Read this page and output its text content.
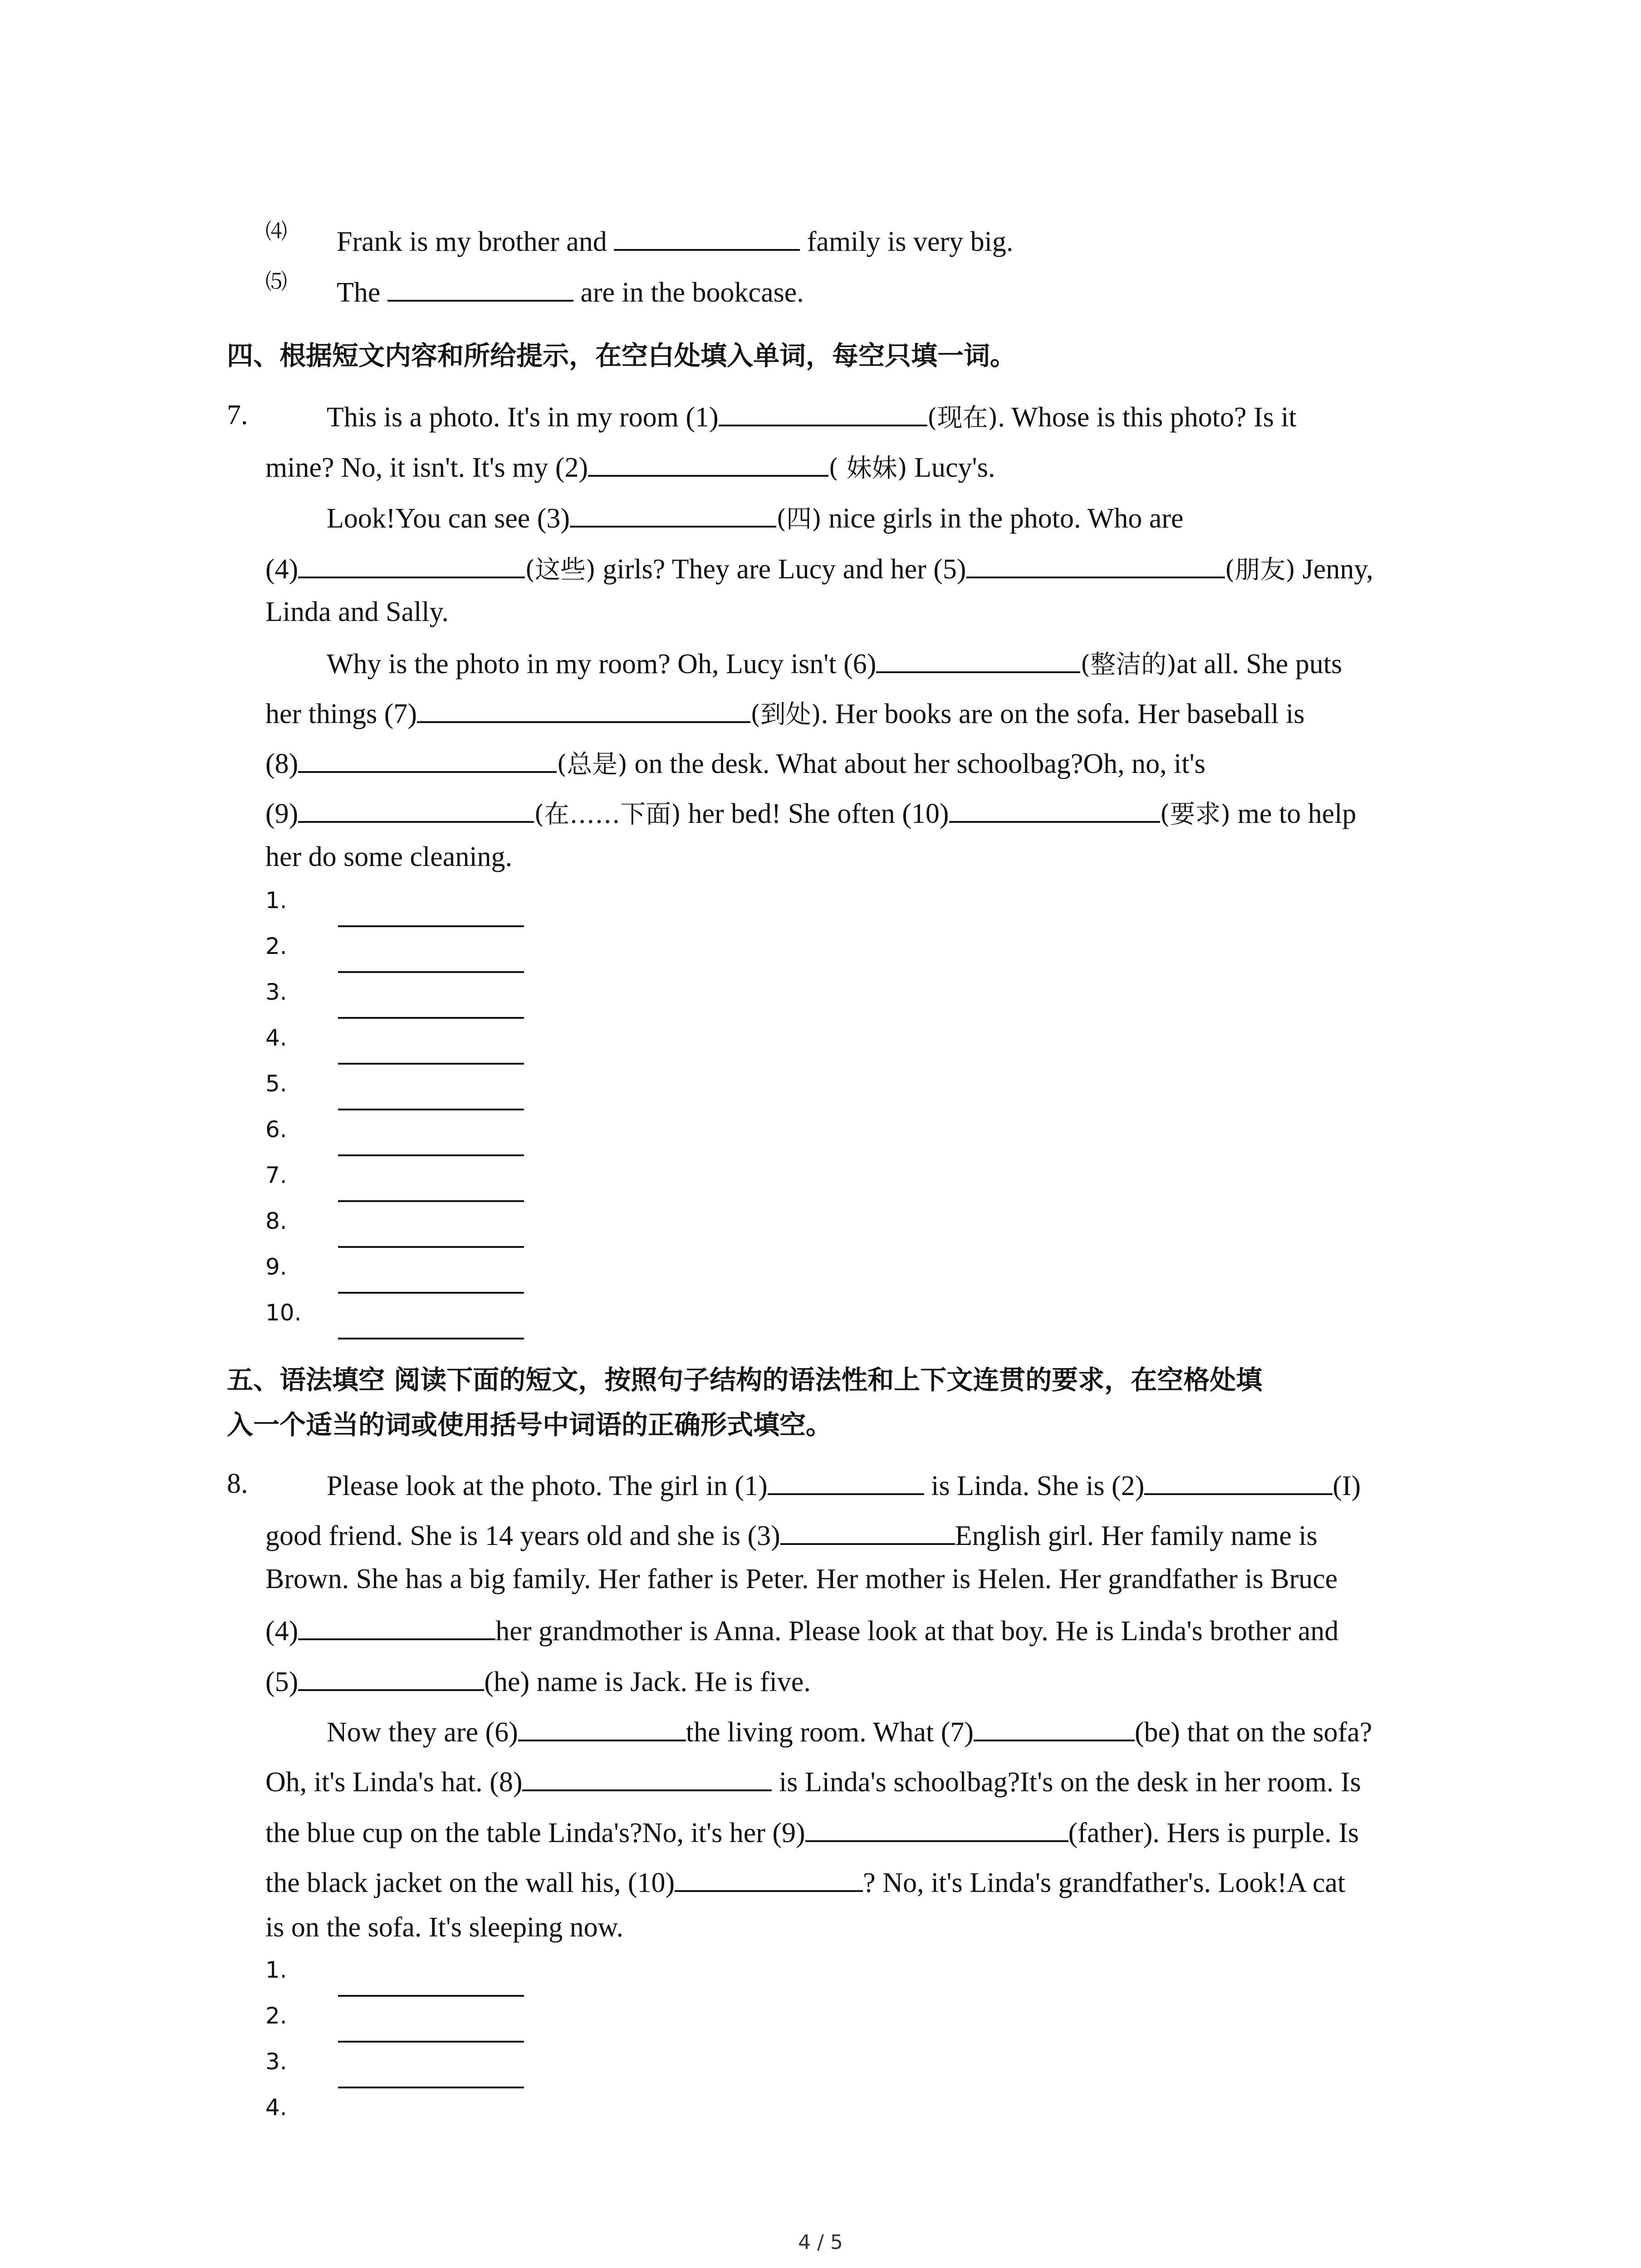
⑷ Frank is my brother and	family is very big.
⑸ The	are in the bookcase.
四、根据短文内容和所给提示，在空白处填入单词，每空只填一词。
7.	This is a photo. It's in my room (1)	(现在). Whose is this photo? Is it
mine? No, it isn't. It's my (2)	( 妹妹) Lucy's.
Look!You can see (3)	(四) nice girls in the photo. Who are
(4)	(这些) girls? They are Lucy and her (5)	(朋友) Jenny,
Linda and Sally.
Why is the photo in my room? Oh, Lucy isn't (6)	(整洁的)at all. She puts
her things (7)	(到处). Her books are on the sofa. Her baseball is
(8)	(总是) on the desk. What about her schoolbag?Oh, no, it's
(9)	(在……下面) her bed! She often (10)	(要求) me to help
her do some cleaning.
1.
2.
3.
4.
5.
6.
7.
8.
9.
10.
五、语法填空 阅读下面的短文，按照句子结构的语法性和上下文连贯的要求，在空格处填
入一个适当的词或使用括号中词语的正确形式填空。
8.	Please look at the photo. The girl in (1)	is Linda. She is (2)	(I)
good friend. She is 14 years old and she is (3)	English girl. Her family name is
Brown. She has a big family. Her father is Peter. Her mother is Helen. Her grandfather is Bruce
(4)	her grandmother is Anna. Please look at that boy. He is Linda's brother and
(5)	(he) name is Jack. He is five.
Now they are (6)	the living room. What (7)	(be) that on the sofa?
Oh, it's Linda's hat. (8)	is Linda's schoolbag?It's on the desk in her room. Is
the blue cup on the table Linda's?No, it's her (9)	(father). Hers is purple. Is
the black jacket on the wall his, (10)	? No, it's Linda's grandfather's. Look!A cat
is on the sofa. It's sleeping now.
1.
2.
3.
4.
4 / 5
